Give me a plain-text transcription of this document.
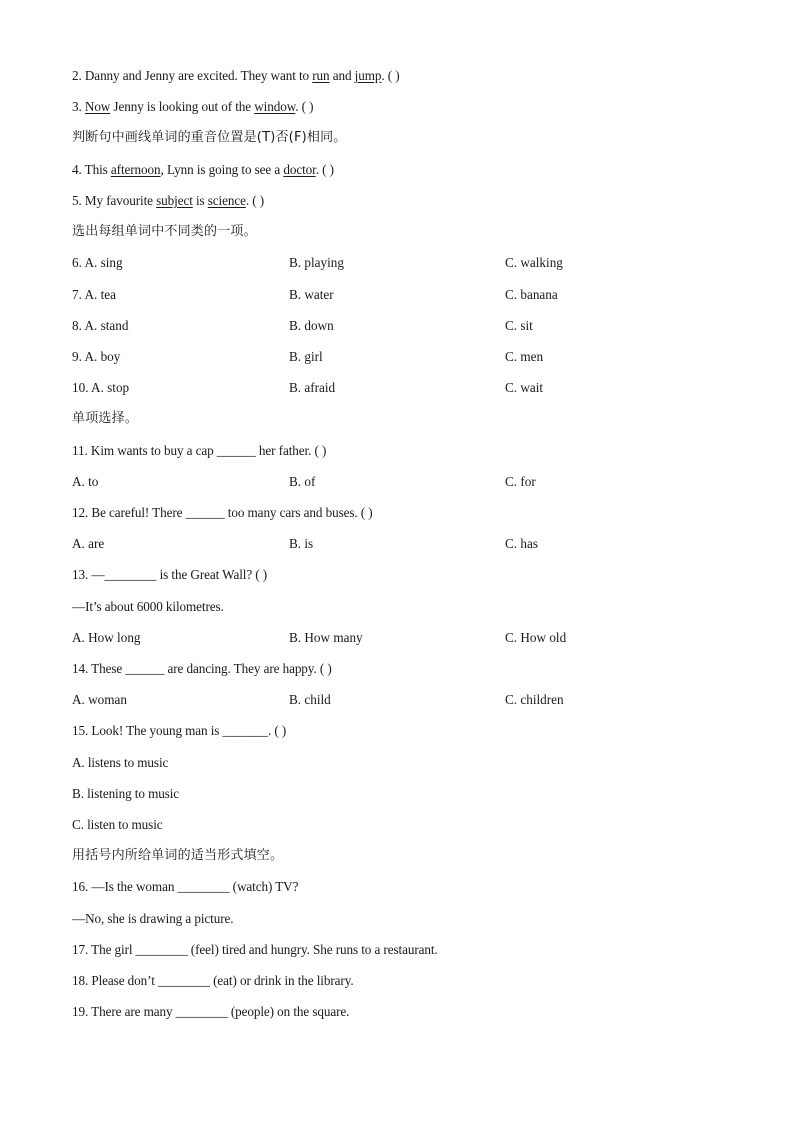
2. Danny and Jenny are excited. They want to run and jump. ( )
3. Now Jenny is looking out of the window. ( )
判断句中画线单词的重音位置是(T)否(F)相同。
4. This afternoon, Lynn is going to see a doctor. ( )
5. My favourite subject is science. ( )
选出每组单词中不同类的一项。
6. A. sing	B. playing	C. walking
7. A. tea	B. water	C. banana
8. A. stand	B. down	C. sit
9. A. boy	B. girl	C. men
10. A. stop	B. afraid	C. wait
单项选择。
11. Kim wants to buy a cap ______ her father. ( )
A. to	B. of	C. for
12. Be careful! There ______ too many cars and buses. ( )
A. are	B. is	C. has
13. —________ is the Great Wall? ( )
—It’s about 6000 kilometres.
A. How long	B. How many	C. How old
14. These ______ are dancing. They are happy. ( )
A. woman	B. child	C. children
15. Look! The young man is _______. ( )
A. listens to music
B. listening to music
C. listen to music
用括号内所给单词的适当形式填空。
16. —Is the woman ________ (watch) TV?
—No, she is drawing a picture.
17. The girl ________ (feel) tired and hungry. She runs to a restaurant.
18. Please don’t ________ (eat) or drink in the library.
19. There are many ________ (people) on the square.
